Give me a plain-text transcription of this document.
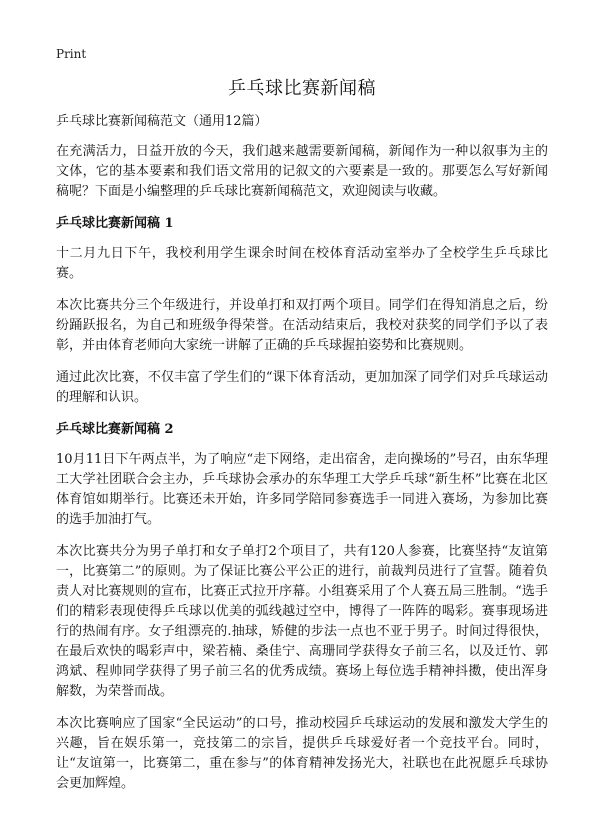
Print
乒乓球比赛新闻稿
乒乓球比赛新闻稿范文（通用12篇）

在充满活力，日益开放的今天，我们越来越需要新闻稿，新闻作为一种以叙事为主的文体，它的基本要素和我们语文常用的记叙文的六要素是一致的。那要怎么写好新闻稿呢？下面是小编整理的乒乓球比赛新闻稿范文，欢迎阅读与收藏。

乒乓球比赛新闻稿 1

十二月九日下午，我校利用学生课余时间在校体育活动室举办了全校学生乒乓球比赛。

本次比赛共分三个年级进行，并设单打和双打两个项目。同学们在得知消息之后，纷纷踊跃报名，为自己和班级争得荣誉。在活动结束后，我校对获奖的同学们予以了表彰，并由体育老师向大家统一讲解了正确的乒乓球握拍姿势和比赛规则。

通过此次比赛，不仅丰富了学生们的“课下体育活动，更加加深了同学们对乒乓球运动的理解和认识。

乒乓球比赛新闻稿 2

10月11日下午两点半，为了响应“走下网络，走出宿舍，走向操场的”号召，由东华理工大学社团联合会主办，乒乓球协会承办的东华理工大学乒乓球“新生杯”比赛在北区体育馆如期举行。比赛还未开始，许多同学陪同参赛选手一同进入赛场，为参加比赛的选手加油打气。

本次比赛共分为男子单打和女子单打2个项目了，共有120人参赛，比赛坚持“友谊第一，比赛第二”的原则。为了保证比赛公平公正的进行，前裁判员进行了宣誓。随着负责人对比赛规则的宣布，比赛正式拉开序幕。小组赛采用了个人赛五局三胜制。“选手们的精彩表现使得乒乓球以优美的弧线越过空中，博得了一阵阵的喝彩。赛事现场进行的热闹有序。女子组漂亮的.抽球，矫健的步法一点也不亚于男子。时间过得很快，在最后欢快的喝彩声中，梁若楠、桑佳宁、高珊同学获得女子前三名，以及迁竹、郭鸿斌、程帅同学获得了男子前三名的优秀成绩。赛场上每位选手精神抖擞，使出浑身解数，为荣誉而战。

本次比赛响应了国家“全民运动”的口号，推动校园乒乓球运动的发展和激发大学生的兴趣，旨在娱乐第一，竞技第二的宗旨，提供乒乓球爱好者一个竞技平台。同时，让“友谊第一，比赛第二，重在参与”的体育精神发扬光大，社联也在此祝愿乒乓球协会更加辉煌。
